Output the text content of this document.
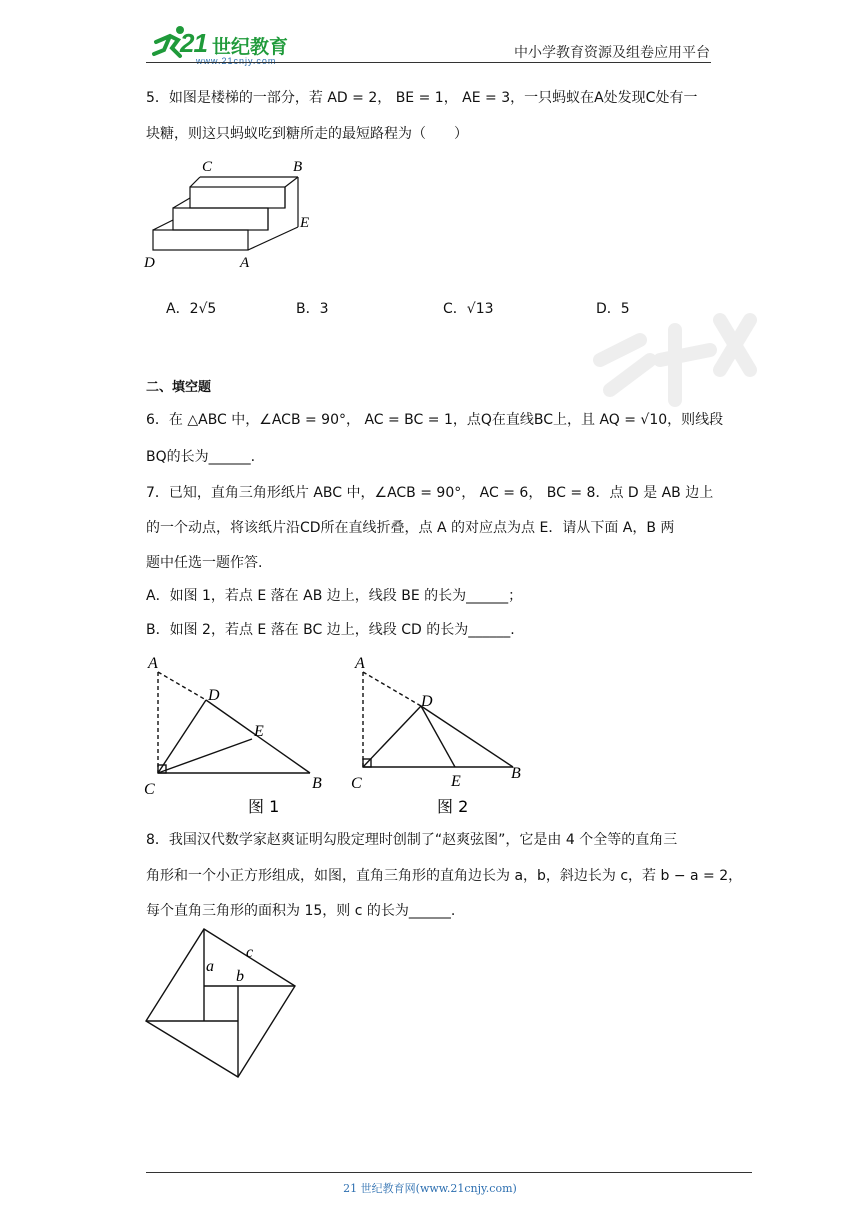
21 世纪教育
www.21cnjy.com	中小学教育资源及组卷应用平台
5．如图是楼梯的一部分，若 AD = 2， BE = 1， AE = 3，一只蚂蚁在A处发现C处有一
块糖，则这只蚂蚁吃到糖所走的最短路程为（　　）
C	B
E
D	A
A．2√5	B．3	C．√13	D．5
二、填空题
6．在 △ABC 中，∠ACB = 90°， AC = BC = 1，点Q在直线BC上，且 AQ = √10，则线段
BQ的长为______.
7．已知，直角三角形纸片 ABC 中，∠ACB = 90°， AC = 6， BC = 8．点 D 是 AB 边上
的一个动点，将该纸片沿CD所在直线折叠，点 A 的对应点为点 E．请从下面 A，B 两
题中任选一题作答.
A．如图 1，若点 E 落在 AB 边上，线段 BE 的长为______；
B．如图 2，若点 E 落在 BC 边上，线段 CD 的长为______.
A
D
E
C	B
图 1
A
D
C	E	B
图 2
8．我国汉代数学家赵爽证明勾股定理时创制了“赵爽弦图”，它是由 4 个全等的直角三
角形和一个小正方形组成，如图，直角三角形的直角边长为 a，b，斜边长为 c，若 b − a = 2，
每个直角三角形的面积为 15，则 c 的长为______.
c
a
b
21 世纪教育网(www.21cnjy.com)
